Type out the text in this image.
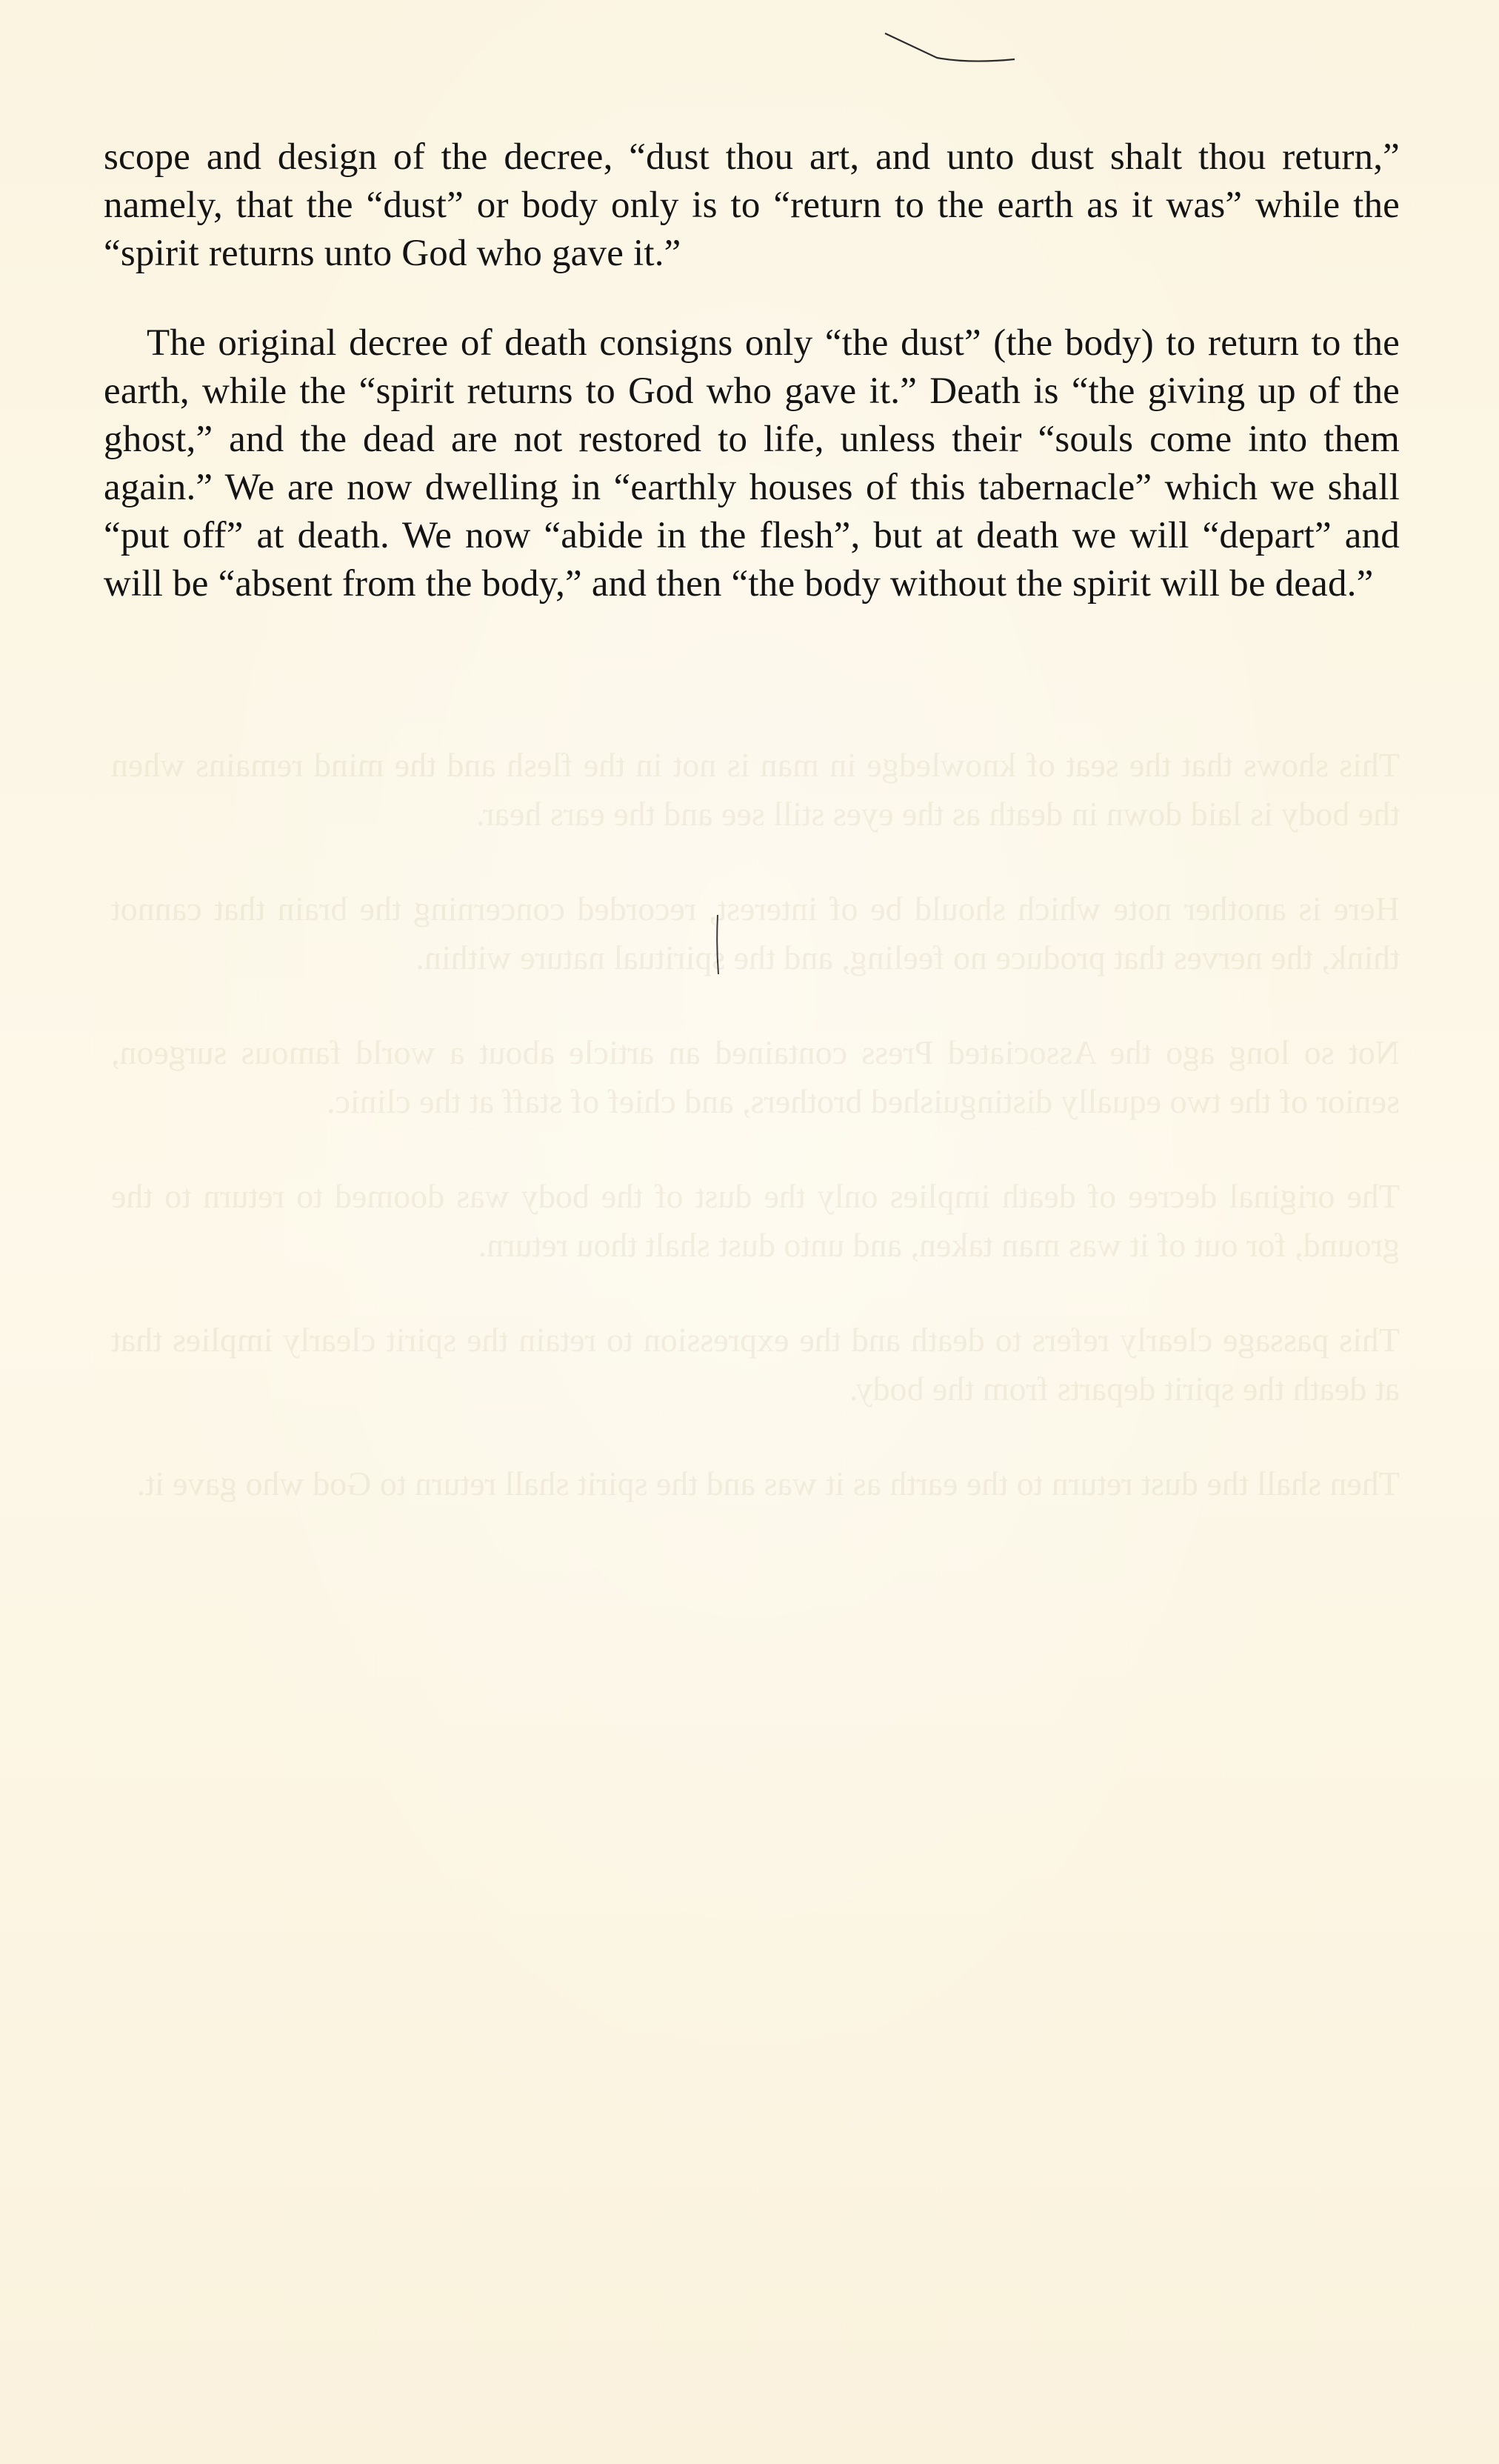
This shows that the seat of knowledge in man is not in the flesh and the mind remains when the body is laid down in death as the eyes still see and the ears hear.

Here is another note which should be of interest, recorded concerning the brain that cannot think, the nerves that produce no feeling, and the spiritual nature within.

Not so long ago the Associated Press contained an article about a world famous surgeon, senior of the two equally distinguished brothers, and chief of staff at the clinic.

The original decree of death implies only the dust of the body was doomed to return to the ground, for out of it was man taken, and unto dust shalt thou return.

This passage clearly refers to death and the expression to retain the spirit clearly implies that at death the spirit departs from the body.

Then shall the dust return to the earth as it was and the spirit shall return to God who gave it.

scope and design of the decree, “dust thou art, and unto dust shalt thou return,” namely, that the “dust” or body only is to “return to the earth as it was” while the “spirit returns unto God who gave it.”

The original decree of death consigns only “the dust” (the body) to return to the earth, while the “spirit returns to God who gave it.” Death is “the giving up of the ghost,” and the dead are not restored to life, unless their “souls come into them again.” We are now dwelling in “earthly houses of this tabernacle” which we shall “put off” at death. We now “abide in the flesh”, but at death we will “depart” and will be “absent from the body,” and then “the body without the spirit will be dead.”
